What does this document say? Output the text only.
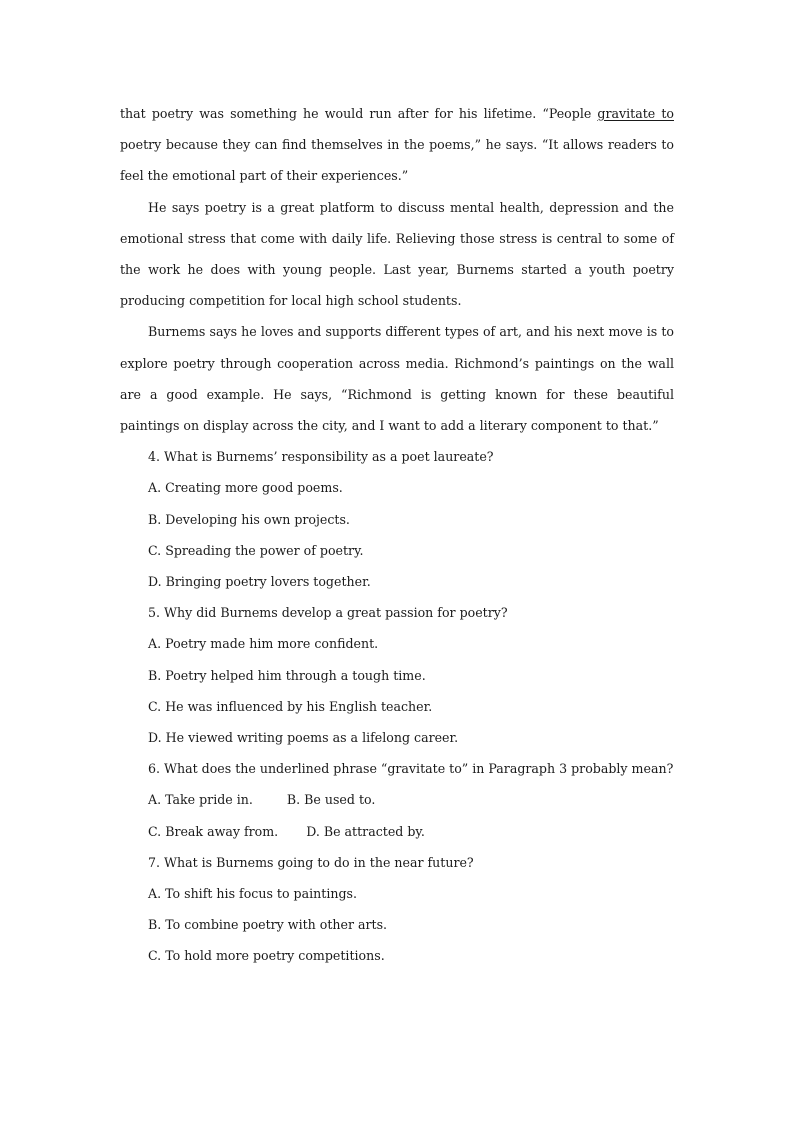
that poetry was something he would run after for his lifetime. “People gravitate to poetry because they can find themselves in the poems,” he says. “It allows readers to feel the emotional part of their experiences.”

He says poetry is a great platform to discuss mental health, depression and the emotional stress that come with daily life. Relieving those stress is central to some of the work he does with young people. Last year, Burnems started a youth poetry producing competition for local high school students.

Burnems says he loves and supports different types of art, and his next move is to explore poetry through cooperation across media. Richmond’s paintings on the wall are a good example. He says, “Richmond is getting known for these beautiful paintings on display across the city, and I want to add a literary component to that.”

4. What is Burnems’ responsibility as a poet laureate?

A. Creating more good poems.

B. Developing his own projects.

C. Spreading the power of poetry.

D. Bringing poetry lovers together.

5. Why did Burnems develop a great passion for poetry?

A. Poetry made him more confident.

B. Poetry helped him through a tough time.

C. He was influenced by his English teacher.

D. He viewed writing poems as a lifelong career.

6. What does the underlined phrase “gravitate to” in Paragraph 3 probably mean?

A. Take pride in.	B. Be used to.

C. Break away from. D. Be attracted by.

7. What is Burnems going to do in the near future?

A. To shift his focus to paintings.

B. To combine poetry with other arts.

C. To hold more poetry competitions.
